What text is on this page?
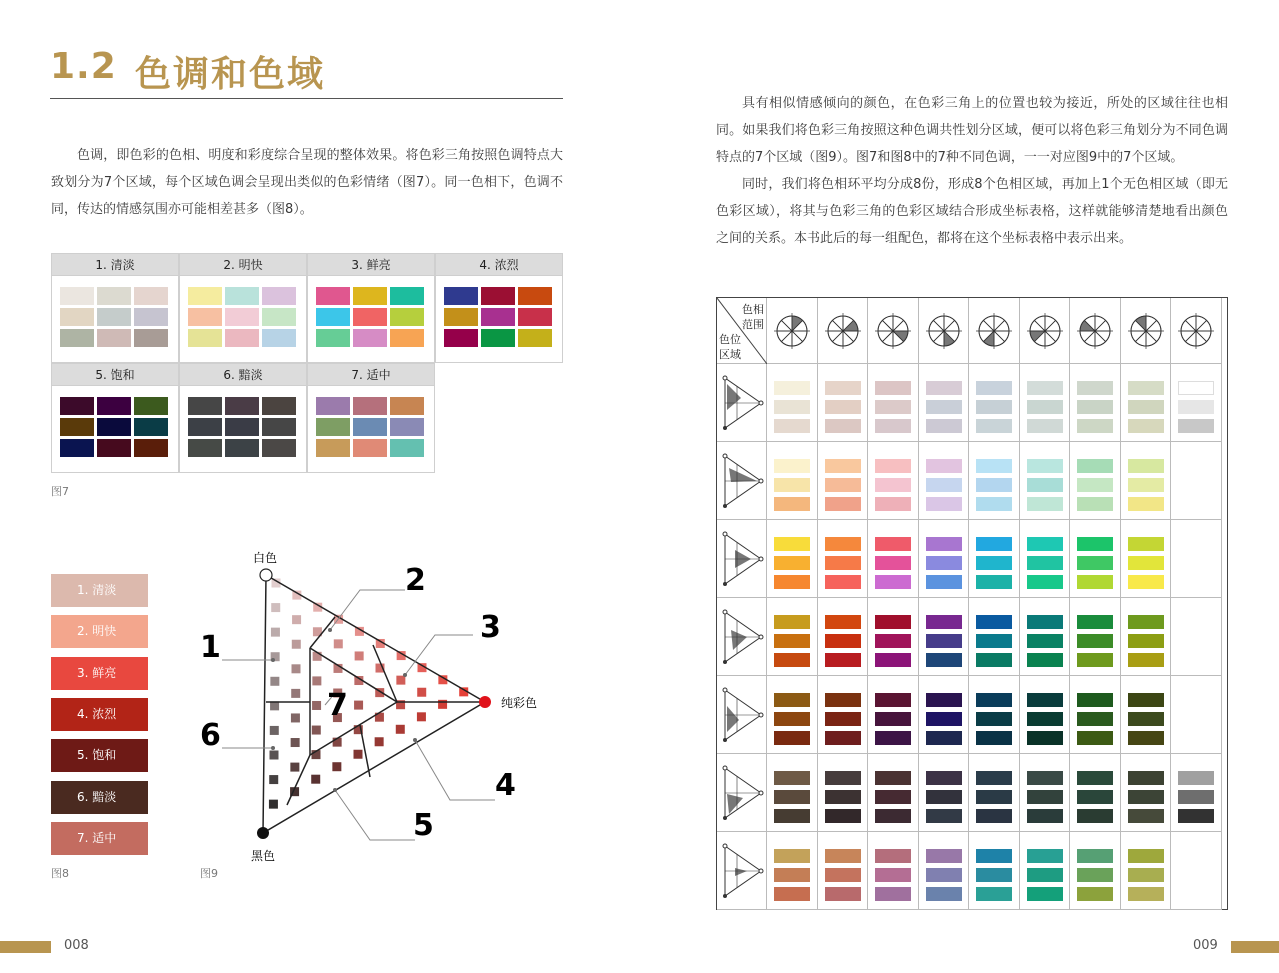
1.2 色调和色域

色调，即色彩的色相、明度和彩度综合呈现的整体效果。将色彩三角按照色调特点大致划分为7个区域，每个区域色调会呈现出类似的色彩情绪（图7）。同一色相下，色调不同，传达的情感氛围亦可能相差甚多（图8）。

1. 清淡	2. 明快	3. 鲜亮	4. 浓烈
5. 饱和	6. 黯淡	7. 适中
图7
1. 清淡
2. 明快
3. 鲜亮
4. 浓烈
5. 饱和
6. 黯淡
7. 适中
图8
白色
黑色
纯彩色
1
2
3
4
5
6
7
图9
008

具有相似情感倾向的颜色，在色彩三角上的位置也较为接近，所处的区域往往也相同。如果我们将色彩三角按照这种色调共性划分区域，便可以将色彩三角划分为不同色调特点的7个区域（图9）。图7和图8中的7种不同色调，一一对应图9中的7个区域。

同时，我们将色相环平均分成8份，形成8个色相区域，再加上1个无色相区域（即无色彩区域），将其与色彩三角的色彩区域结合形成坐标表格，这样就能够清楚地看出颜色之间的关系。本书此后的每一组配色，都将在这个坐标表格中表示出来。

色相范围
色位区域
009
